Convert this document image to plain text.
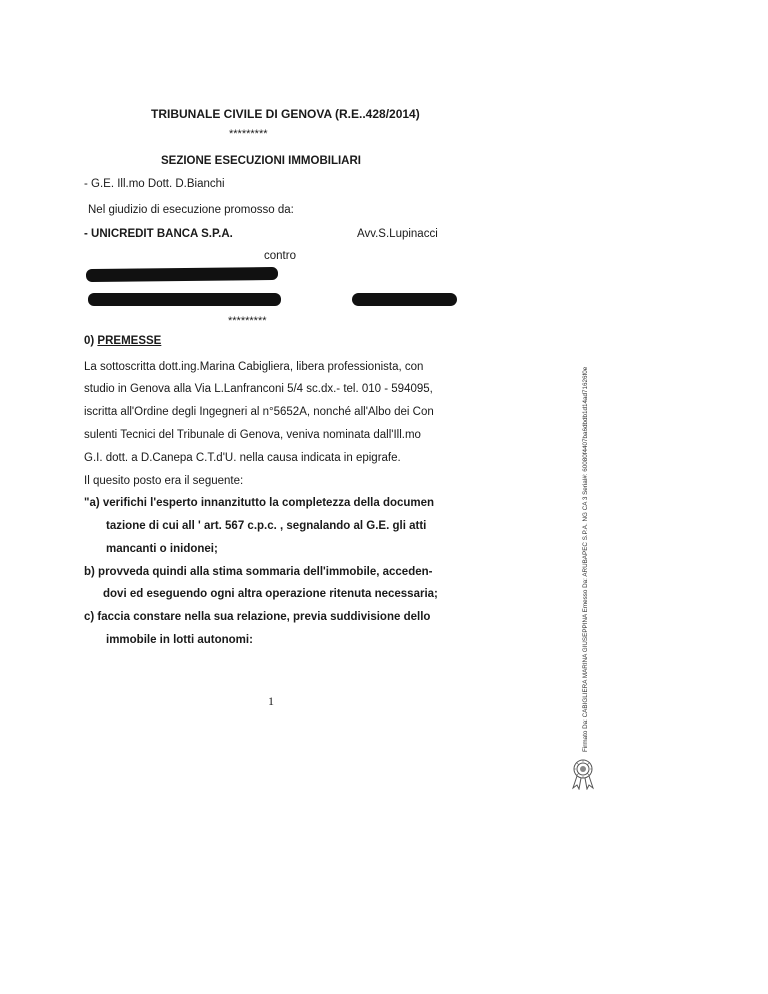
TRIBUNALE CIVILE DI GENOVA (R.E..428/2014)
*********
SEZIONE ESECUZIONI IMMOBILIARI
- G.E. Ill.mo Dott. D.Bianchi
Nel giudizio di esecuzione promosso da:
- UNICREDIT BANCA S.P.A.	Avv.S.Lupinacci
contro
*********
0) PREMESSE
La sottoscritta dott.ing.Marina Cabigliera, libera professionista, con
studio in Genova alla Via L.Lanfranconi 5/4 sc.dx.- tel. 010 - 594095,
iscritta all'Ordine degli Ingegneri al n°5652A, nonché all'Albo dei Con
sulenti Tecnici del Tribunale di Genova, veniva nominata dall'Ill.mo
G.I. dott. a D.Canepa C.T.d'U. nella causa indicata in epigrafe.
Il quesito posto era il seguente:
"a) verifichi l'esperto innanzitutto la completezza della documen
tazione di cui all ' art. 567 c.p.c. , segnalando al G.E. gli atti
mancanti o inidonei;
b) provveda quindi alla stima sommaria dell'immobile, acceden-
dovi ed eseguendo ogni altra operazione ritenuta necessaria;
c) faccia constare nella sua relazione, previa suddivisione dello
immobile in lotti autonomi:
1	Firmato Da: CABIGLIERA MARINA GIUSEPPINA Emesso Da: ARUBAPEC S.P.A. NG CA 3 Serial#: 60080f4407ba6dbdb1d14ad71626f0e
